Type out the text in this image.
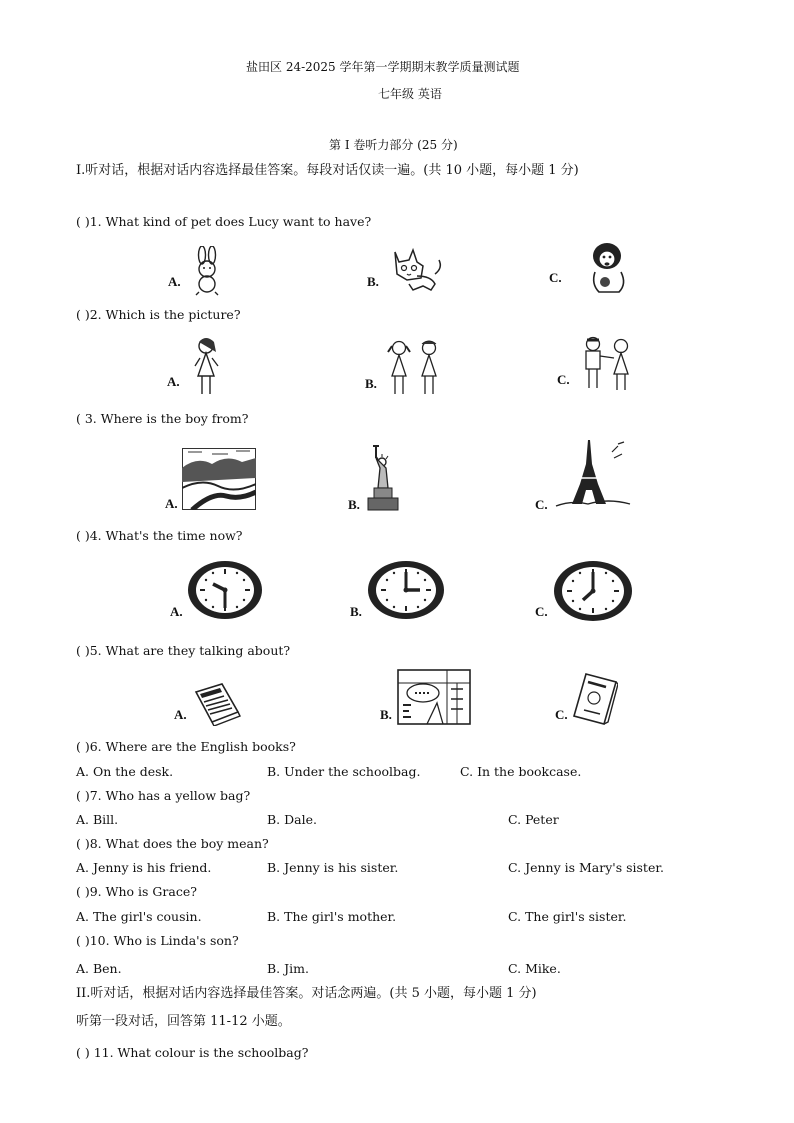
盐田区 24-2025 学年第一学期期末教学质量测试题
七年级 英语
第 I 卷听力部分 (25 分)
I.听对话，根据对话内容选择最佳答案。每段对话仅读一遍。(共 10 小题，每小题 1 分)
( )1. What kind of pet does Lucy want to have?
A.	B.	C.
( )2. Which is the picture?
A.	B.	C.
( 3. Where is the boy from?
A.	B.	C.
( )4. What's the time now?
A.	B.	C.
( )5. What are they talking about?
A.	B.	C.
( )6. Where are the English books?
A. On the desk.	B. Under the schoolbag.	C. In the bookcase.
( )7. Who has a yellow bag?
A. Bill.	B. Dale.	C. Peter
( )8. What does the boy mean?
A. Jenny is his friend.	B. Jenny is his sister.	C. Jenny is Mary's sister.
( )9. Who is Grace?
A. The girl's cousin.	B. The girl's mother.	C. The girl's sister.
( )10. Who is Linda's son?
A. Ben.	B. Jim.	C. Mike.
II.听对话，根据对话内容选择最佳答案。对话念两遍。(共 5 小题，每小题 1 分)
听第一段对话，回答第 11-12 小题。
( ) 11. What colour is the schoolbag?
